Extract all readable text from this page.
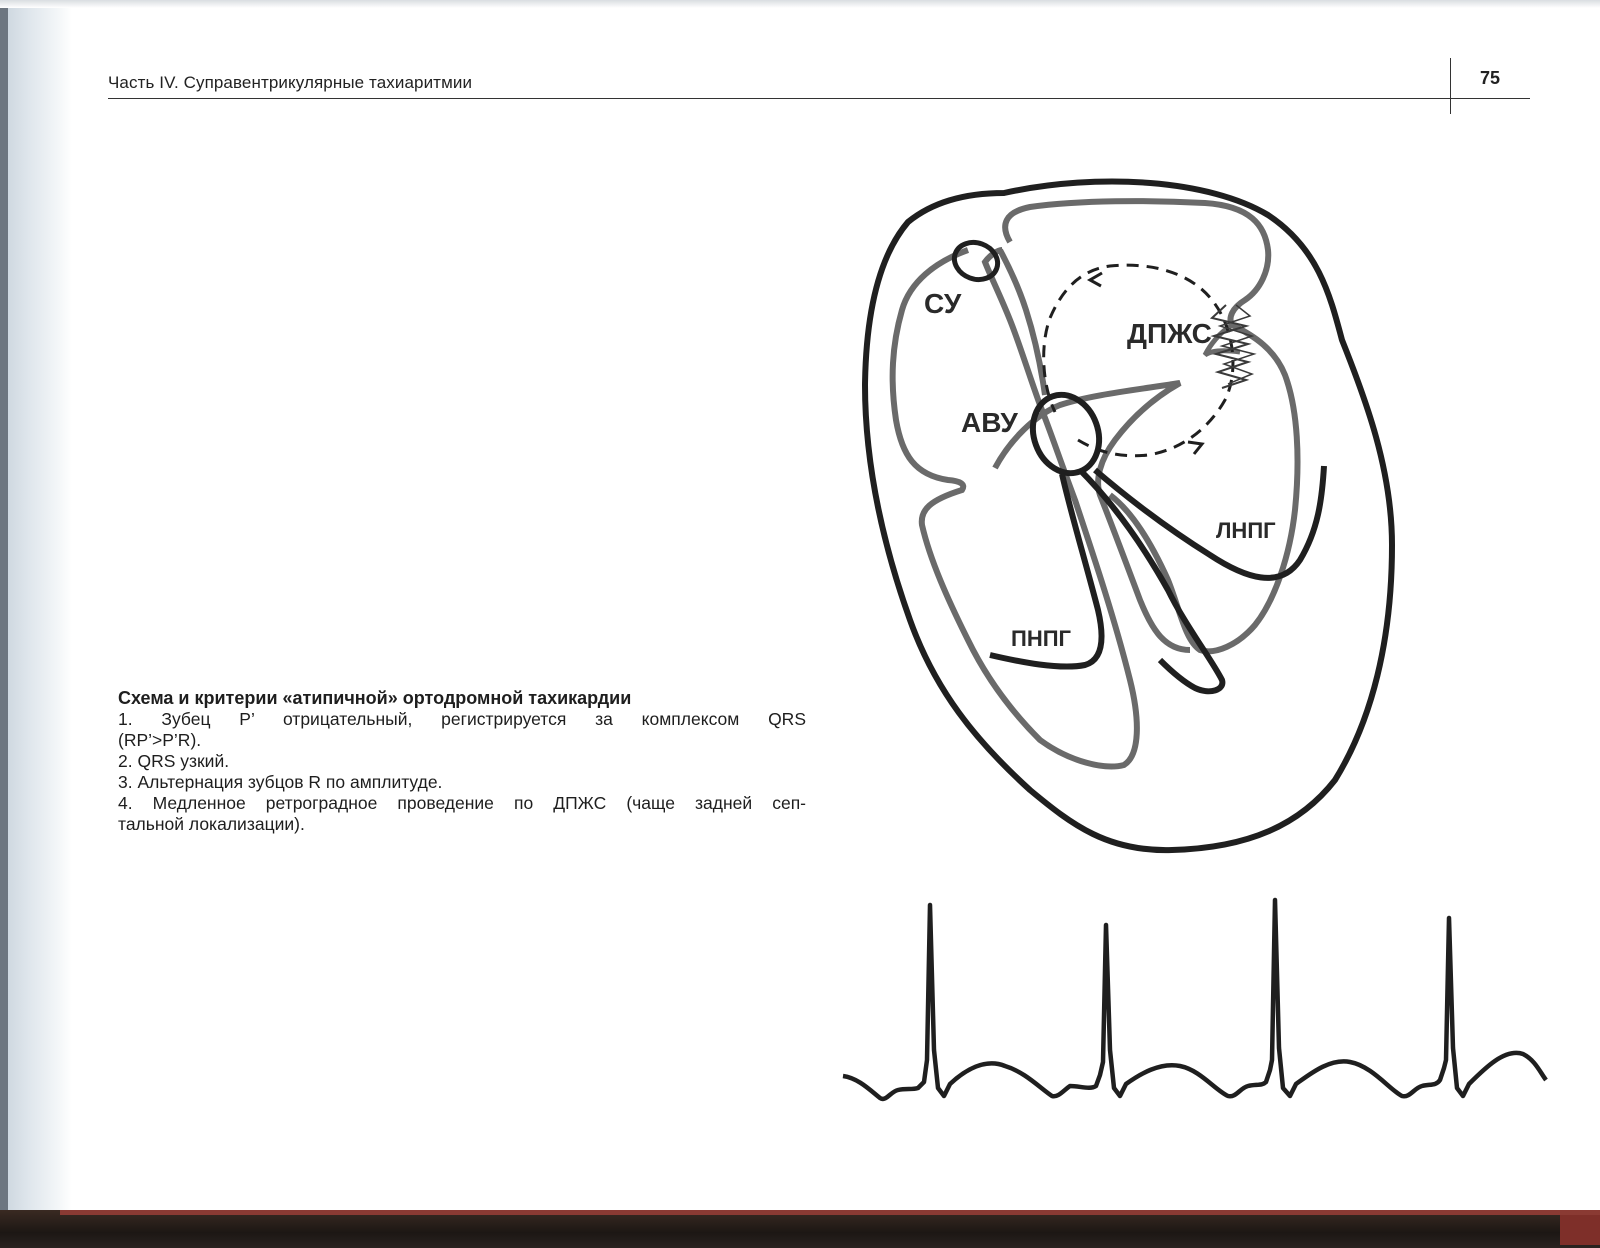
Часть IV. Суправентрикулярные тахиаритмии	75
СУ
ДПЖС
АВУ
ЛНПГ
ПНПГ
Схема и критерии «атипичной» ортодромной тахикардии
1. Зубец Р’ отрицательный, регистрируется за комплексом QRS
(RP’>P’R).
2. QRS узкий.
3. Альтернация зубцов R по амплитуде.
4. Медленное ретроградное проведение по ДПЖС (чаще задней сеп-
тальной локализации).
